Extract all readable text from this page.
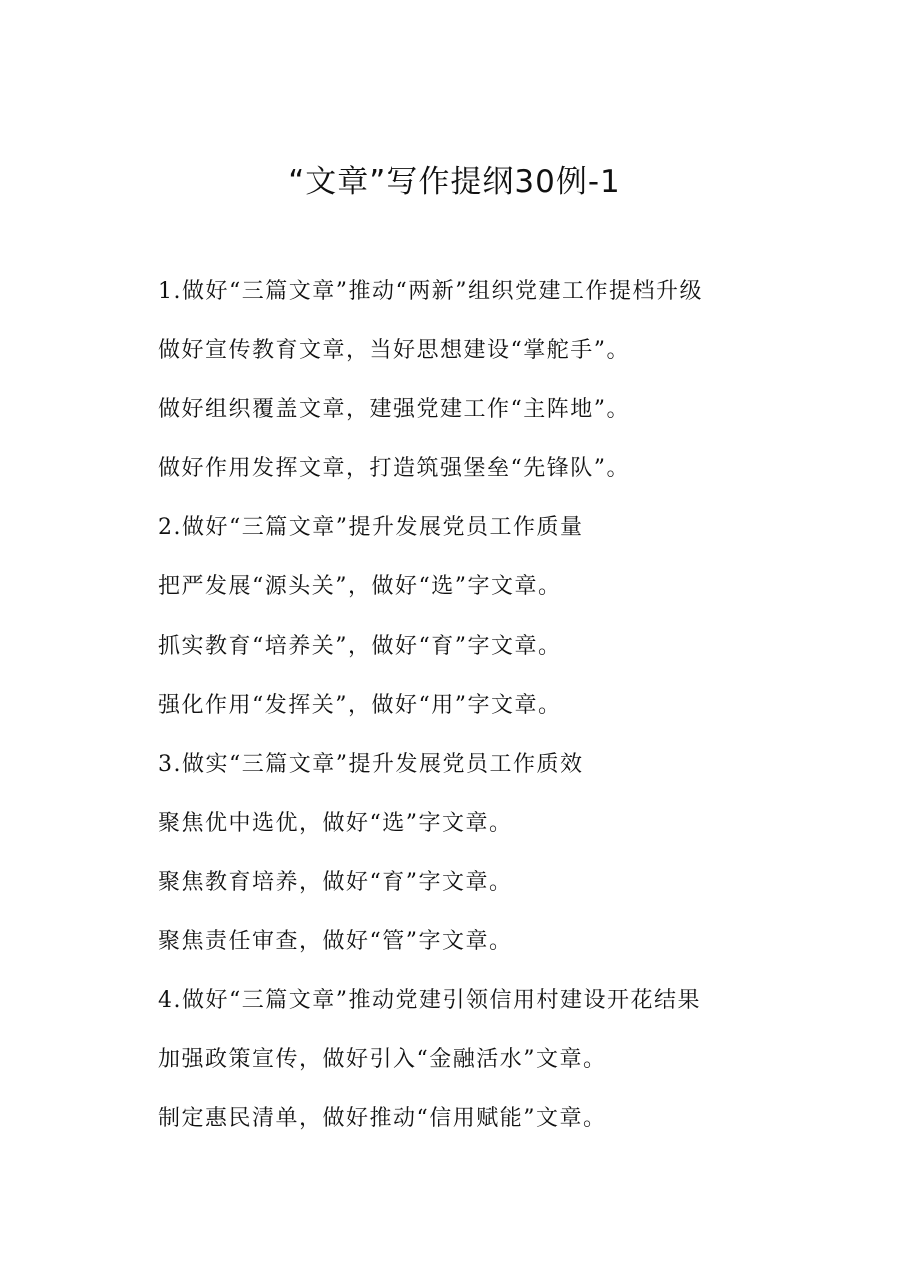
“文章”写作提纲30例-1
1.做好“三篇文章”推动“两新”组织党建工作提档升级
做好宣传教育文章，当好思想建设“掌舵手”。
做好组织覆盖文章，建强党建工作“主阵地”。
做好作用发挥文章，打造筑强堡垒“先锋队”。
2.做好“三篇文章”提升发展党员工作质量
把严发展“源头关”，做好“选”字文章。
抓实教育“培养关”，做好“育”字文章。
强化作用“发挥关”，做好“用”字文章。
3.做实“三篇文章”提升发展党员工作质效
聚焦优中选优，做好“选”字文章。
聚焦教育培养，做好“育”字文章。
聚焦责任审查，做好“管”字文章。
4.做好“三篇文章”推动党建引领信用村建设开花结果
加强政策宣传，做好引入“金融活水”文章。
制定惠民清单，做好推动“信用赋能”文章。
